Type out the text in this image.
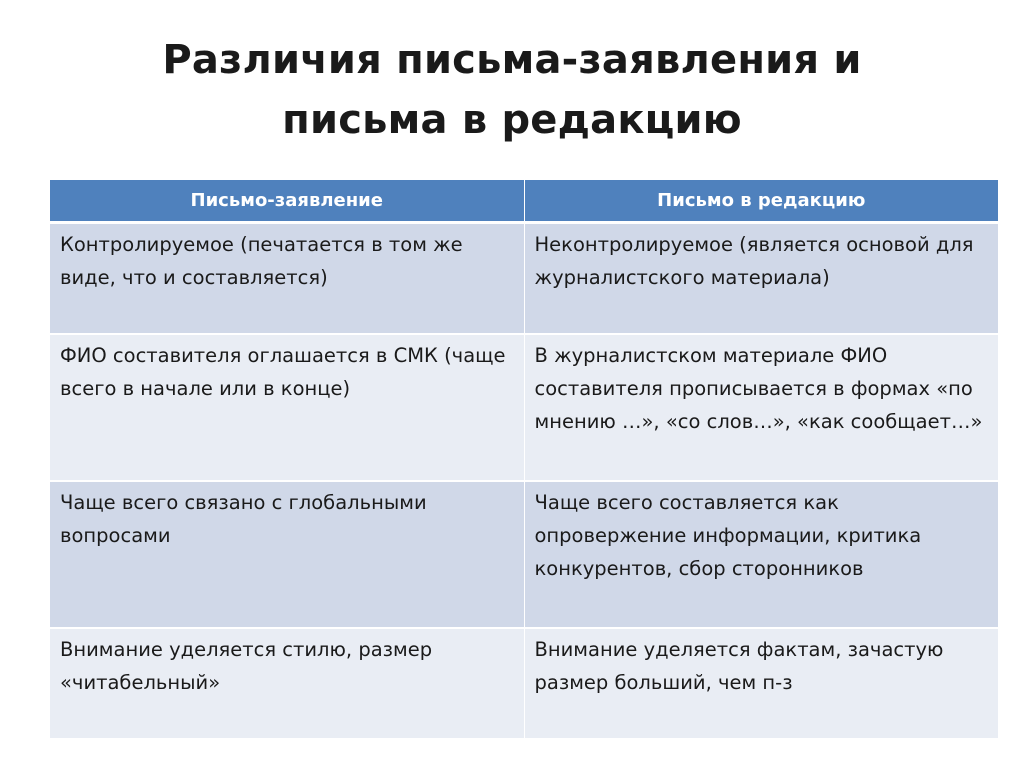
Различия письма-заявления и
письма в редакцию
Письмо-заявление	Письмо в редакцию
Контролируемое (печатается в том же виде, что и составляется)	Неконтролируемое (является основой для журналистского материала)
ФИО составителя оглашается в СМК (чаще всего в начале или в конце)	В журналистском материале ФИО составителя прописывается в формах «по мнению …», «со слов…», «как сообщает…»
Чаще всего связано с глобальными вопросами	Чаще всего составляется как опровержение информации, критика конкурентов, сбор сторонников
Внимание уделяется стилю, размер «читабельный»	Внимание уделяется фактам, зачастую размер больший, чем п-з
